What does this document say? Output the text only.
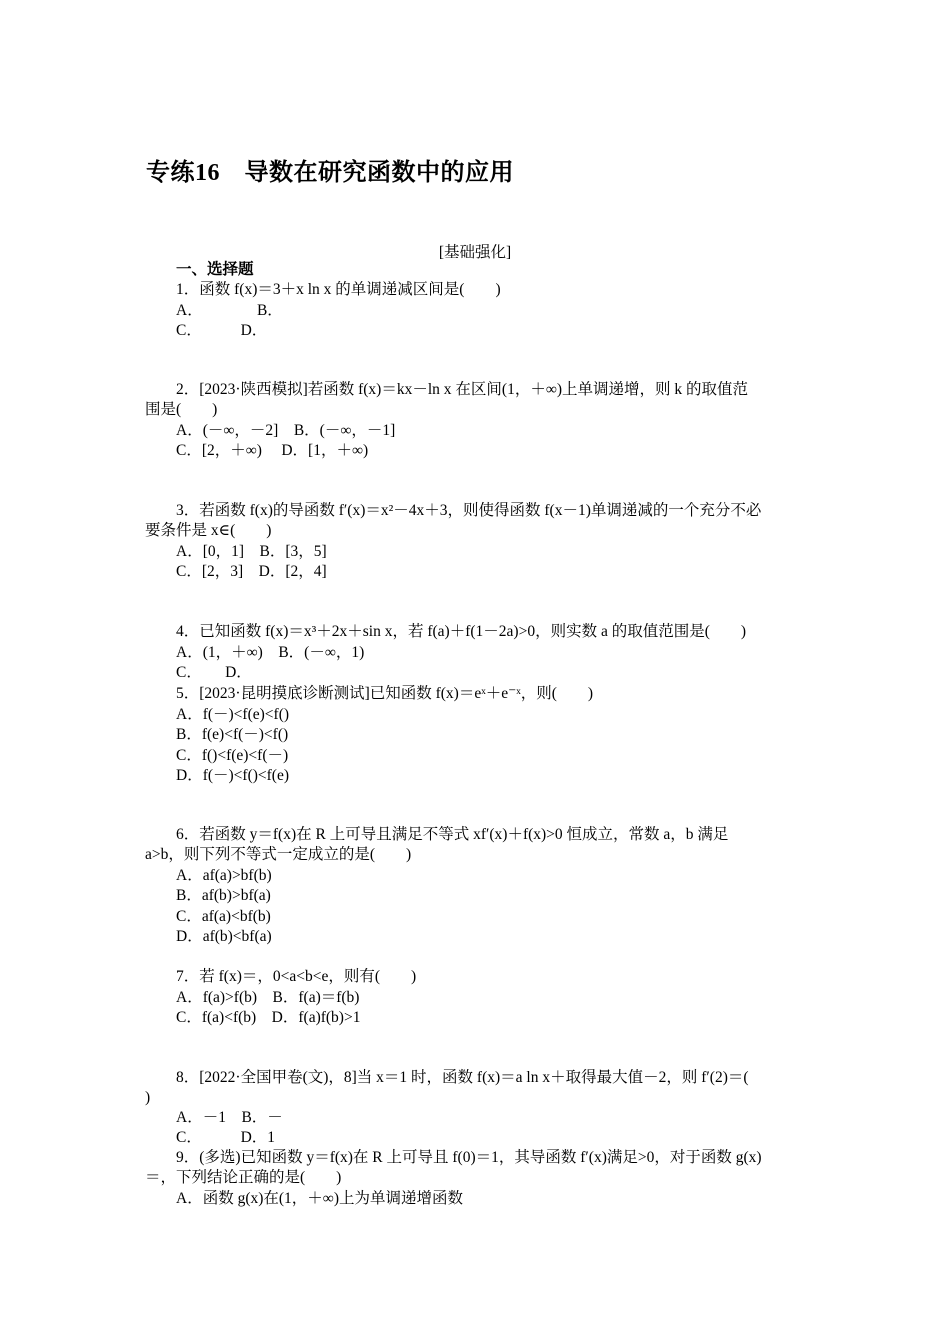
专练16　导数在研究函数中的应用
[基础强化]
一、选择题
1．函数 f(x)＝3＋x ln x 的单调递减区间是(　　)
A．　　　　B．
C．　　　D．
2．[2023·陕西模拟]若函数 f(x)＝kx－ln x 在区间(1，＋∞)上单调递增，则 k 的取值范
围是(　　)
A．(－∞，－2]　B．(－∞，－1]
C．[2，＋∞)　 D．[1，＋∞)
3．若函数 f(x)的导函数 f′(x)＝x²－4x＋3，则使得函数 f(x－1)单调递减的一个充分不必
要条件是 x∈(　　)
A．[0，1]　B．[3，5]
C．[2，3]　D．[2，4]
4．已知函数 f(x)＝x³＋2x＋sin x，若 f(a)＋f(1－2a)>0，则实数 a 的取值范围是(　　)
A．(1，＋∞)　B．(－∞，1)
C．　　D．
5．[2023·昆明摸底诊断测试]已知函数 f(x)＝eˣ＋e⁻ˣ，则(　　)
A．f(－)<f(e)<f()
B．f(e)<f(－)<f()
C．f()<f(e)<f(－)
D．f(－)<f()<f(e)
6．若函数 y＝f(x)在 R 上可导且满足不等式 xf′(x)＋f(x)>0 恒成立，常数 a，b 满足
a>b，则下列不等式一定成立的是(　　)
A．af(a)>bf(b)
B．af(b)>bf(a)
C．af(a)<bf(b)
D．af(b)<bf(a)
7．若 f(x)＝，0<a<b<e，则有(　　)
A．f(a)>f(b)　B．f(a)＝f(b)
C．f(a)<f(b)　D．f(a)f(b)>1
8．[2022·全国甲卷(文)，8]当 x＝1 时，函数 f(x)＝a ln x＋取得最大值－2，则 f′(2)＝(
)
A．－1　B．－
C．　　　D．1
9．(多选)已知函数 y＝f(x)在 R 上可导且 f(0)＝1，其导函数 f′(x)满足>0，对于函数 g(x)
＝，下列结论正确的是(　　)
A．函数 g(x)在(1，＋∞)上为单调递增函数
